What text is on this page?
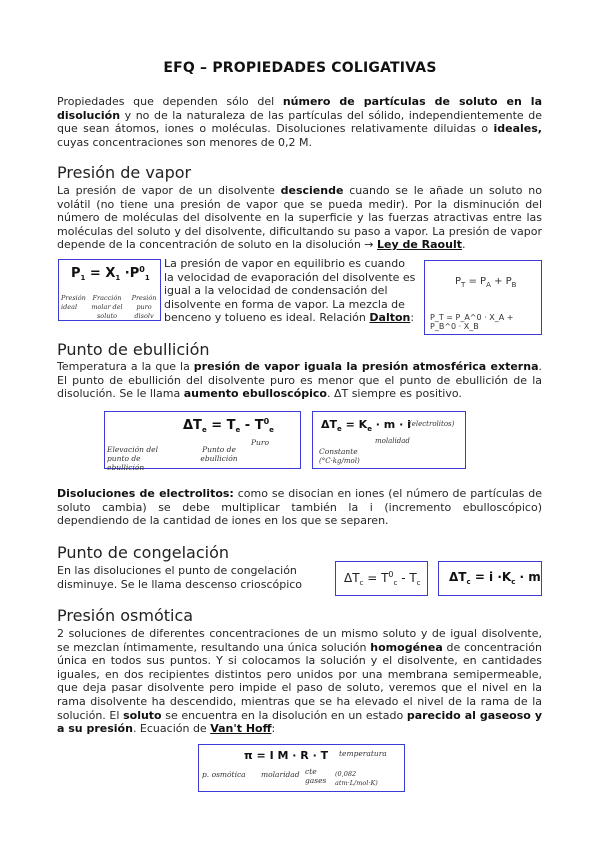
EFQ – PROPIEDADES COLIGATIVAS
Propiedades que dependen sólo del número de partículas de soluto en la disolución y no de la naturaleza de las partículas del sólido, independientemente de que sean átomos, iones o moléculas. Disoluciones relativamente diluidas o ideales, cuyas concentraciones son menores de 0,2 M.
Presión de vapor
La presión de vapor de un disolvente desciende cuando se le añade un soluto no volátil (no tiene una presión de vapor que se pueda medir). Por la disminución del número de moléculas del disolvente en la superficie y las fuerzas atractivas entre las moléculas del soluto y del disolvente, dificultando su paso a vapor. La presión de vapor depende de la concentración de soluto en la disolución → Ley de Raoult.
$P_1 = X_1 \cdot P^0_1$
Presión ideal
Fracción molar del soluto
Presión puro disolv
La presión de vapor en equilibrio es cuando la velocidad de evaporación del disolvente es igual a la velocidad de condensación del disolvente en forma de vapor. La mezcla de benceno y tolueno es ideal. Relación Dalton:
$P_T = P_A + P_B$
P_T = P_A^0 · X_A + P_B^0 · X_B
Punto de ebullición
Temperatura a la que la presión de vapor iguala la presión atmosférica externa. El punto de ebullición del disolvente puro es menor que el punto de ebullición de la disolución. Se le llama aumento ebulloscópico. ΔT siempre es positivo.
$\Delta T_e = T_e - T^0_e$
Elevación del punto de ebullición
Punto de ebullición
Puro
$\Delta T_e = K_e \cdot m \cdot i$
(electrolitos)
molalidad
Constante
(°C·kg/mol)
Disoluciones de electrolitos: como se disocian en iones (el número de partículas de soluto cambia) se debe multiplicar también la i (incremento ebulloscópico) dependiendo de la cantidad de iones en los que se separen.
Punto de congelación
En las disoluciones el punto de congelación disminuye. Se le llama descenso crioscópico	$\Delta T_c = T^0_c - T_c$ $\Delta T_c = i \cdot K_c \cdot m$
Presión osmótica
2 soluciones de diferentes concentraciones de un mismo soluto y de igual disolvente, se mezclan íntimamente, resultando una única solución homogénea de concentración única en todos sus puntos. Y si colocamos la solución y el disolvente, en cantidades iguales, en dos recipientes distintos pero unidos por una membrana semipermeable, que deja pasar disolvente pero impide el paso de soluto, veremos que el nivel en la rama disolvente ha descendido, mientras que se ha elevado el nivel de la rama de la solución. El soluto se encuentra en la disolución en un estado parecido al gaseoso y a su presión. Ecuación de Van't Hoff:
π = I M · R · T temperatura
p. osmótica molaridad cte gases
(0,082 atm·L/mol·K)
